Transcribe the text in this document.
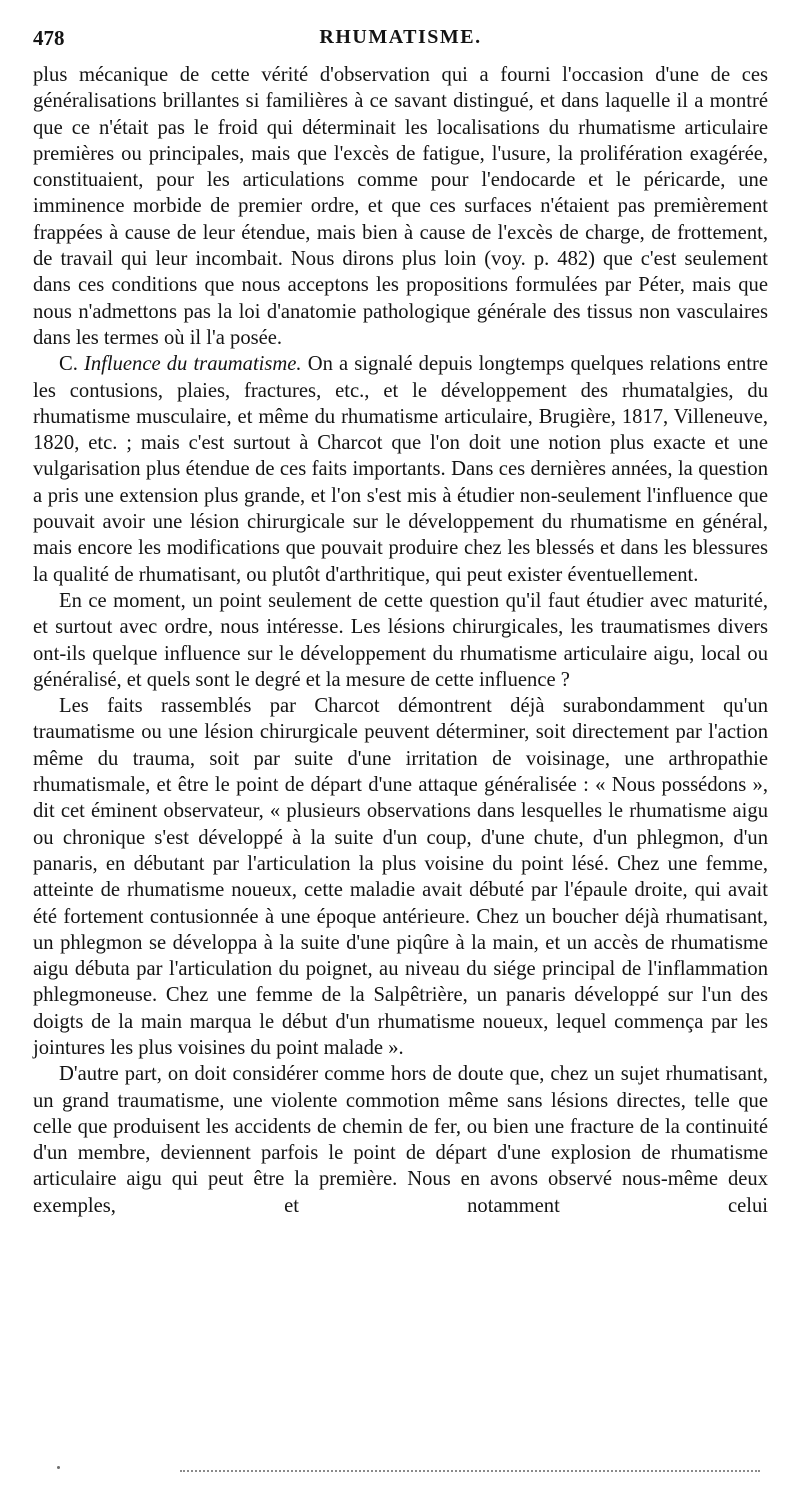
478	RHUMATISME.

plus mécanique de cette vérité d'observation qui a fourni l'occasion d'une de ces généralisations brillantes si familières à ce savant distingué, et dans laquelle il a montré que ce n'était pas le froid qui déterminait les localisations du rhumatisme articulaire premières ou principales, mais que l'excès de fatigue, l'usure, la prolifération exagérée, constituaient, pour les articulations comme pour l'endocarde et le péricarde, une imminence morbide de premier ordre, et que ces surfaces n'étaient pas premièrement frappées à cause de leur étendue, mais bien à cause de l'excès de charge, de frottement, de travail qui leur incombait. Nous dirons plus loin (voy. p. 482) que c'est seulement dans ces conditions que nous acceptons les propositions formulées par Péter, mais que nous n'admettons pas la loi d'anatomie pathologique générale des tissus non vasculaires dans les termes où il l'a posée.

C. Influence du traumatisme. On a signalé depuis longtemps quelques relations entre les contusions, plaies, fractures, etc., et le développement des rhumatalgies, du rhumatisme musculaire, et même du rhumatisme articulaire, Brugière, 1817, Villeneuve, 1820, etc. ; mais c'est surtout à Charcot que l'on doit une notion plus exacte et une vulgarisation plus étendue de ces faits importants. Dans ces dernières années, la question a pris une extension plus grande, et l'on s'est mis à étudier non-seulement l'influence que pouvait avoir une lésion chirurgicale sur le développement du rhumatisme en général, mais encore les modifications que pouvait produire chez les blessés et dans les blessures la qualité de rhumatisant, ou plutôt d'arthritique, qui peut exister éventuellement.

En ce moment, un point seulement de cette question qu'il faut étudier avec maturité, et surtout avec ordre, nous intéresse. Les lésions chirurgicales, les traumatismes divers ont-ils quelque influence sur le développement du rhumatisme articulaire aigu, local ou généralisé, et quels sont le degré et la mesure de cette influence ?

Les faits rassemblés par Charcot démontrent déjà surabondamment qu'un traumatisme ou une lésion chirurgicale peuvent déterminer, soit directement par l'action même du trauma, soit par suite d'une irritation de voisinage, une arthropathie rhumatismale, et être le point de départ d'une attaque généralisée : « Nous possédons », dit cet éminent observateur, « plusieurs observations dans lesquelles le rhumatisme aigu ou chronique s'est développé à la suite d'un coup, d'une chute, d'un phlegmon, d'un panaris, en débutant par l'articulation la plus voisine du point lésé. Chez une femme, atteinte de rhumatisme noueux, cette maladie avait débuté par l'épaule droite, qui avait été fortement contusionnée à une époque antérieure. Chez un boucher déjà rhumatisant, un phlegmon se développa à la suite d'une piqûre à la main, et un accès de rhumatisme aigu débuta par l'articulation du poignet, au niveau du siége principal de l'inflammation phlegmoneuse. Chez une femme de la Salpêtrière, un panaris développé sur l'un des doigts de la main marqua le début d'un rhumatisme noueux, lequel commença par les jointures les plus voisines du point malade ».

D'autre part, on doit considérer comme hors de doute que, chez un sujet rhumatisant, un grand traumatisme, une violente commotion même sans lésions directes, telle que celle que produisent les accidents de chemin de fer, ou bien une fracture de la continuité d'un membre, deviennent parfois le point de départ d'une explosion de rhumatisme articulaire aigu qui peut être la première. Nous en avons observé nous-même deux exemples, et notamment celui
